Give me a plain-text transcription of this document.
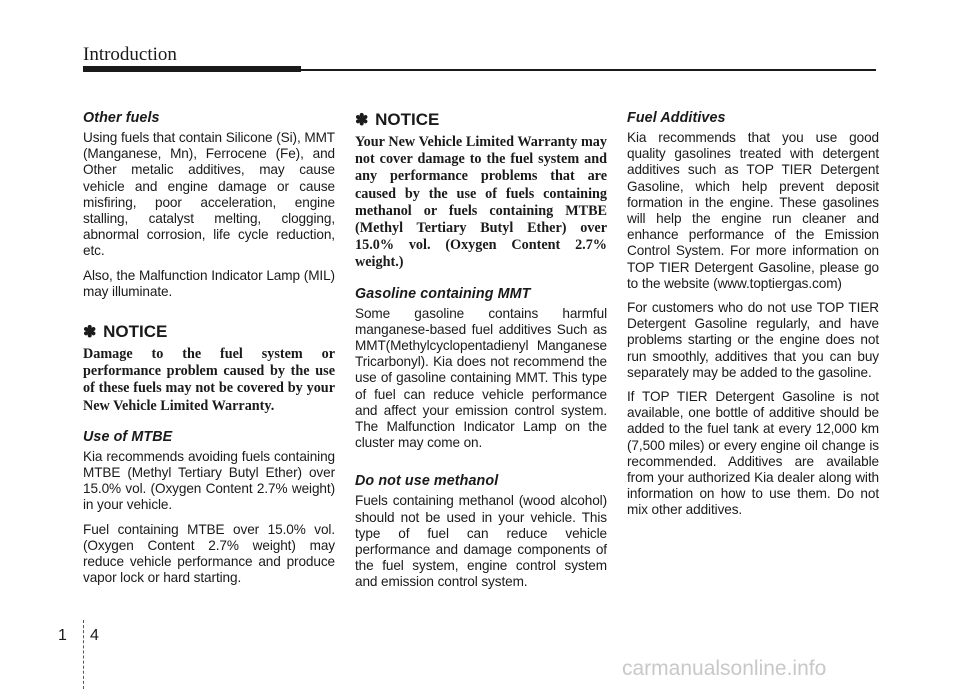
Introduction
Other fuels

Using fuels that contain Silicone (Si), MMT (Manganese, Mn), Ferrocene (Fe), and Other metalic additives, may cause vehicle and engine damage or cause misfiring, poor acceleration, engine stalling, catalyst melting, clogging, abnormal corrosion, life cycle reduction, etc.

Also, the Malfunction Indicator Lamp (MIL) may illuminate.

✽ NOTICE

Damage to the fuel system or performance problem caused by the use of these fuels may not be covered by your New Vehicle Limited Warranty.

Use of MTBE

Kia recommends avoiding fuels containing MTBE (Methyl Tertiary Butyl Ether) over 15.0% vol. (Oxygen Content 2.7% weight) in your vehicle.

Fuel containing MTBE over 15.0% vol. (Oxygen Content 2.7% weight) may reduce vehicle performance and produce vapor lock or hard starting.

✽ NOTICE

Your New Vehicle Limited Warranty may not cover damage to the fuel system and any performance problems that are caused by the use of fuels containing methanol or fuels containing MTBE (Methyl Tertiary Butyl Ether) over 15.0% vol. (Oxygen Content 2.7% weight.)

Gasoline containing MMT

Some gasoline contains harmful manganese-based fuel additives Such as MMT(Methylcyclopentadienyl Manganese Tricarbonyl). Kia does not recommend the use of gasoline containing MMT. This type of fuel can reduce vehicle performance and affect your emission control system. The Malfunction Indicator Lamp on the cluster may come on.

Do not use methanol

Fuels containing methanol (wood alcohol) should not be used in your vehicle. This type of fuel can reduce vehicle performance and damage components of the fuel system, engine control system and emission control system.

Fuel Additives

Kia recommends that you use good quality gasolines treated with detergent additives such as TOP TIER Detergent Gasoline, which help prevent deposit formation in the engine. These gasolines will help the engine run cleaner and enhance performance of the Emission Control System. For more information on TOP TIER Detergent Gasoline, please go to the website (www.toptiergas.com)

For customers who do not use TOP TIER Detergent Gasoline regularly, and have problems starting or the engine does not run smoothly, additives that you can buy separately may be added to the gasoline.

If TOP TIER Detergent Gasoline is not available, one bottle of additive should be added to the fuel tank at every 12,000 km (7,500 miles) or every engine oil change is recommended. Additives are available from your authorized Kia dealer along with information on how to use them. Do not mix other additives.

1 4
carmanualsonline.info
